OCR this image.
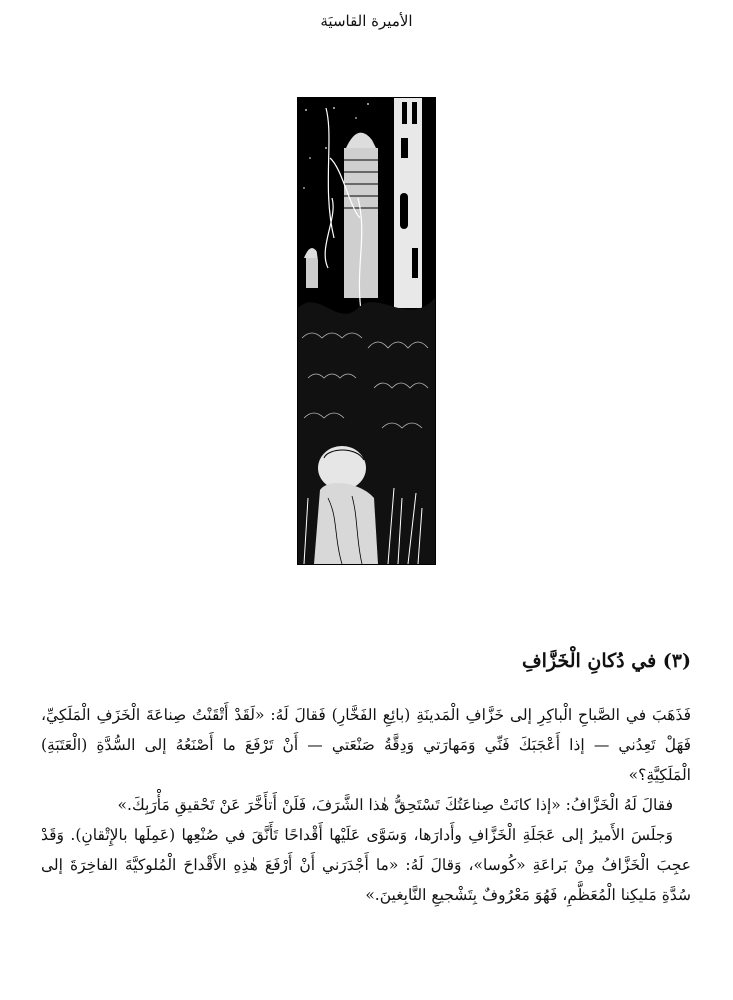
الأميرة القاسيَة
(٣) في دُكانِ الْخَزَّافِ

فَذَهَبَ في الصَّباحِ الْباكِرِ إلى خَزَّافِ الْمَدينَةِ (بائِعِ الفَخَّارِ) فَقالَ لَهُ: «لَقَدْ أَتْقَنْتُ صِناعَةَ الْخَزَفِ الْمَلَكِيِّ، فَهَلْ تَعِدُني — إذا أَعْجَبَكَ فَنِّي وَمَهارَتي وَدِقَّةُ صَنْعَتي — أَنْ تَرْفَعَ ما أَصْنَعُهُ إلى السُّدَّةِ (الْعَتَبَةِ) الْمَلَكِيَّةِ؟»

فقالَ لَهُ الْخَزَّافُ: «إذا كانَتْ صِناعَتُكَ تَسْتَحِقُّ هٰذا الشَّرَفَ، فَلَنْ أَتأَخَّرَ عَنْ تَحْقيقِ مَأْرَبِكَ.»

وَجلَسَ الأَميرُ إلى عَجَلَةِ الْخَزَّافِ وأَدارَها، وَسَوَّى عَلَيْها أَقْداحًا تَأَنَّقَ في صُنْعِها (عَمِلَها بالإِتْقانِ). وَقَدْ عجِبَ الْخَزَّافُ مِنْ بَراعَةِ «كُوسا»، وَقالَ لَهُ: «ما أَجْدَرَني أَنْ أَرْفَعَ هٰذِهِ الأَقْداحَ الْمُلوكيَّةَ الفاخِرَةَ إلى سُدَّةِ مَليكِنا الْمُعَظَّمِ، فَهُوَ مَعْرُوفٌ بِتَشْجيعِ النَّابِغينَ.»
